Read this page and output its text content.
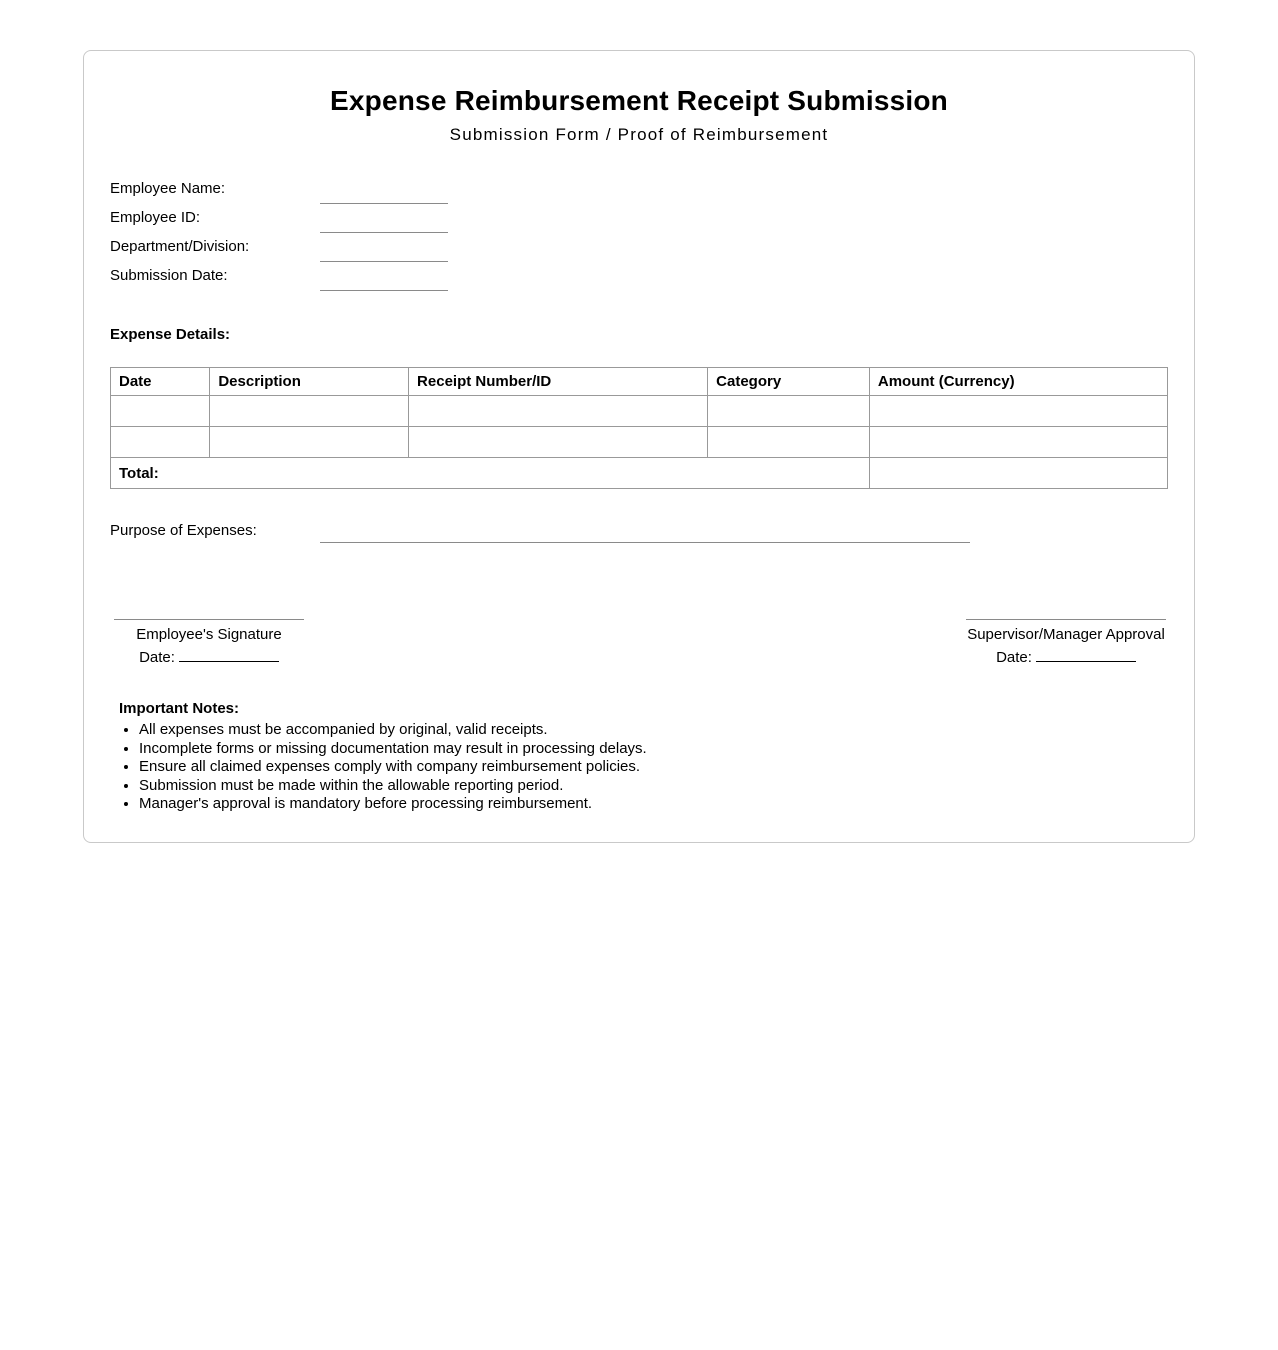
Expense Reimbursement Receipt Submission
Submission Form / Proof of Reimbursement
Employee Name:
Employee ID:
Department/Division:
Submission Date:
Expense Details:
Date	Description	Receipt Number/ID	Category	Amount (Currency)

Total:				
Purpose of Expenses:
Employee's Signature
Date:
Supervisor/Manager Approval
Date:
Important Notes:
• All expenses must be accompanied by original, valid receipts.
• Incomplete forms or missing documentation may result in processing delays.
• Ensure all claimed expenses comply with company reimbursement policies.
• Submission must be made within the allowable reporting period.
• Manager's approval is mandatory before processing reimbursement.
